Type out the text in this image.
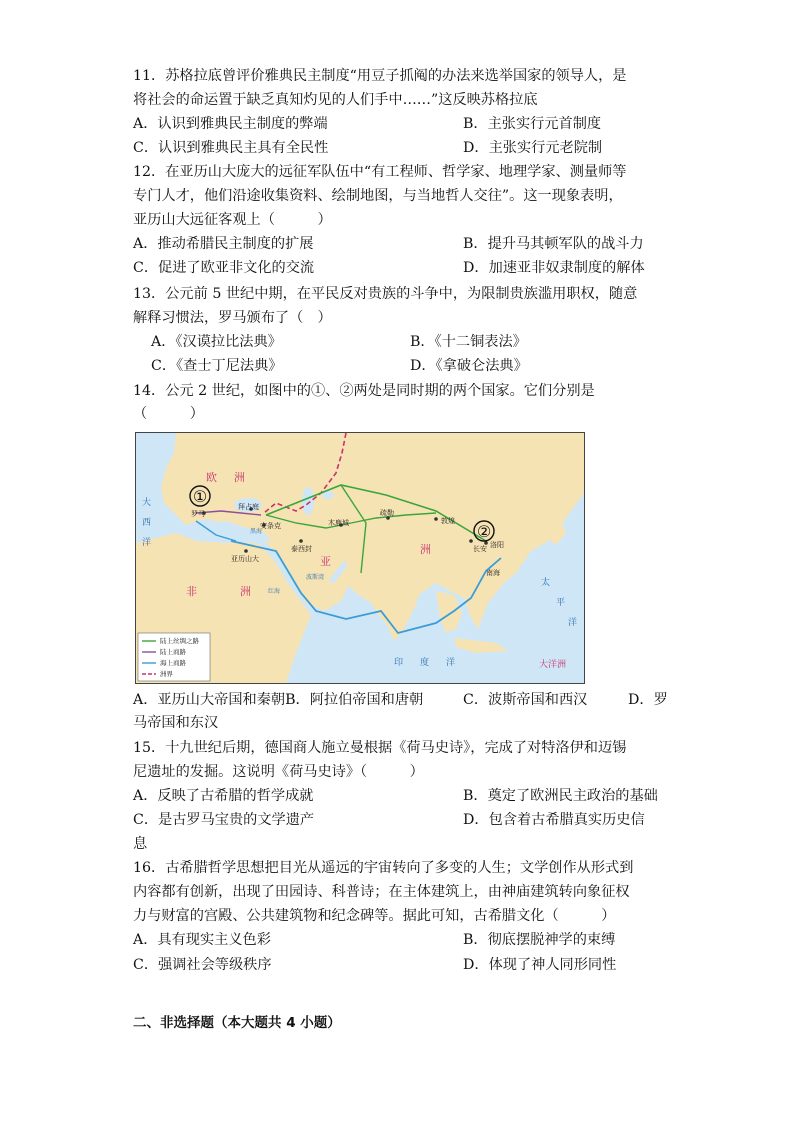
11．苏格拉底曾评价雅典民主制度“用豆子抓阄的办法来选举国家的领导人，是
将社会的命运置于缺乏真知灼见的人们手中……”这反映苏格拉底
A．认识到雅典民主制度的弊端	B．主张实行元首制度
C．认识到雅典民主具有全民性	D．主张实行元老院制
12．在亚历山大庞大的远征军队伍中“有工程师、哲学家、地理学家、测量师等
专门人才，他们沿途收集资料、绘制地图，与当地哲人交往”。这一现象表明，
亚历山大远征客观上（　　　）
A．推动希腊民主制度的扩展	B．提升马其顿军队的战斗力
C．促进了欧亚非文化的交流	D．加速亚非奴隶制度的解体
13．公元前 5 世纪中期，在平民反对贵族的斗争中，为限制贵族滥用职权，随意
解释习惯法，罗马颁布了（　）
A．《汉谟拉比法典》	B．《十二铜表法》
C．《查士丁尼法典》	D．《拿破仑法典》
14．公元 2 世纪，如图中的①、②两处是同时期的两个国家。它们分别是
（　　　）
罗马
拜占庭
安条克
泰西封
亚历山大
木鹿城
疏勒
敦煌
长安 洛阳
南海
红海
波斯湾
黑海
欧 洲
亚
洲
非	洲
大洋洲
印 度 洋
太
平
洋
大
西
洋
①
②
陆上丝绸之路
陆上商路
海上商路
洲界
A．亚历山大帝国和秦朝B．阿拉伯帝国和唐朝	C．波斯帝国和西汉	D．罗
马帝国和东汉
15．十九世纪后期，德国商人施立曼根据《荷马史诗》，完成了对特洛伊和迈锡
尼遗址的发掘。这说明《荷马史诗》（　　　）
A．反映了古希腊的哲学成就	B．奠定了欧洲民主政治的基础
C．是古罗马宝贵的文学遗产	D．包含着古希腊真实历史信
息
16．古希腊哲学思想把目光从遥远的宇宙转向了多变的人生；文学创作从形式到
内容都有创新，出现了田园诗、科普诗；在主体建筑上，由神庙建筑转向象征权
力与财富的宫殿、公共建筑物和纪念碑等。据此可知，古希腊文化（　　　）
A．具有现实主义色彩	B．彻底摆脱神学的束缚
C．强调社会等级秩序	D．体现了神人同形同性
二、非选择题（本大题共 4 小题）
